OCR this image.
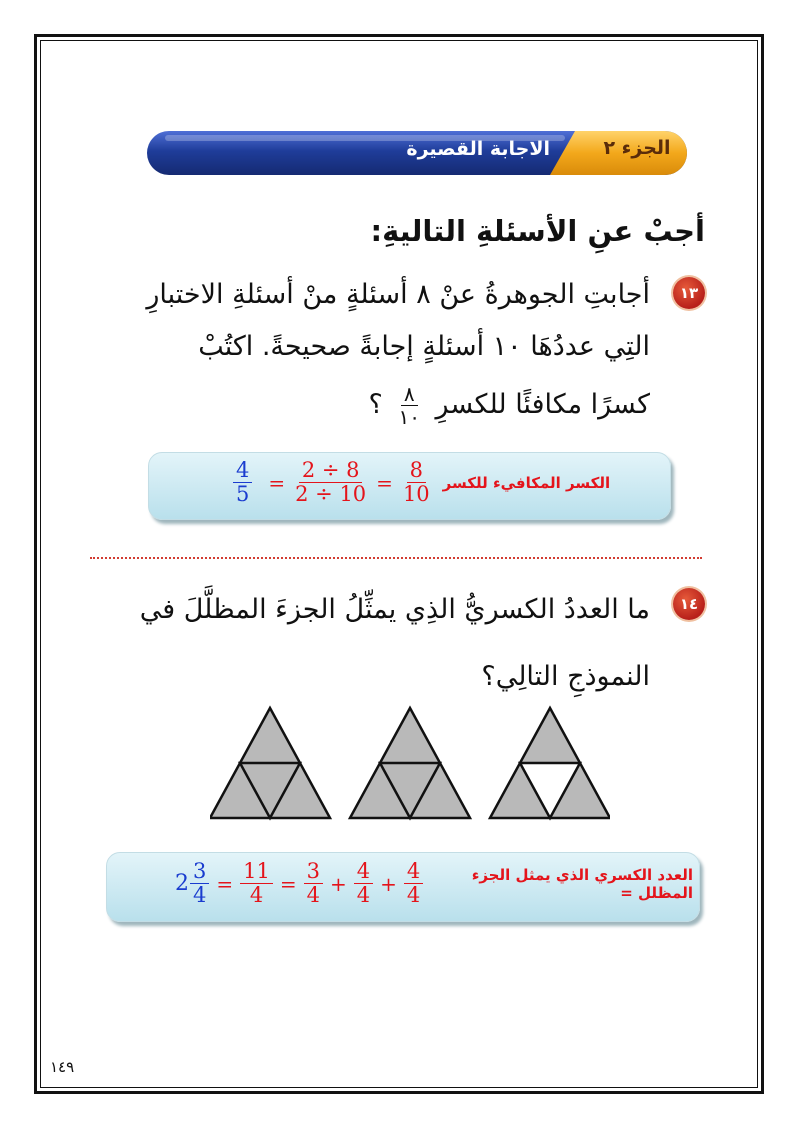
الجزء ٢
الاجابة القصيرة
أجبْ عنِ الأسئلةِ التاليةِ:
١٣
أجابتِ الجوهرةُ عنْ ٨ أسئلةٍ منْ أسئلةِ الاختبارِ
التِي عددُهَا ١٠ أسئلةٍ إجابةً صحيحةً. اكتُبْ
كسرًا مكافئًا للكسرِ
$\frac{٨}{١٠}$
؟
$\frac{4}{5} = \frac{2 \div 8}{2 \div 10} = \frac{8}{10}$ الكسر المكافيء للكسر
١٤
ما العددُ الكسريُّ الذِي يمثِّلُ الجزءَ المظلَّلَ في
النموذجِ التالِي؟
$2 \frac{3}{4} = \frac{11}{4} = \frac{3}{4} + \frac{4}{4} + \frac{4}{4}$	العدد الكسري الذي يمثل الجزء المظلل =
١٤٩
